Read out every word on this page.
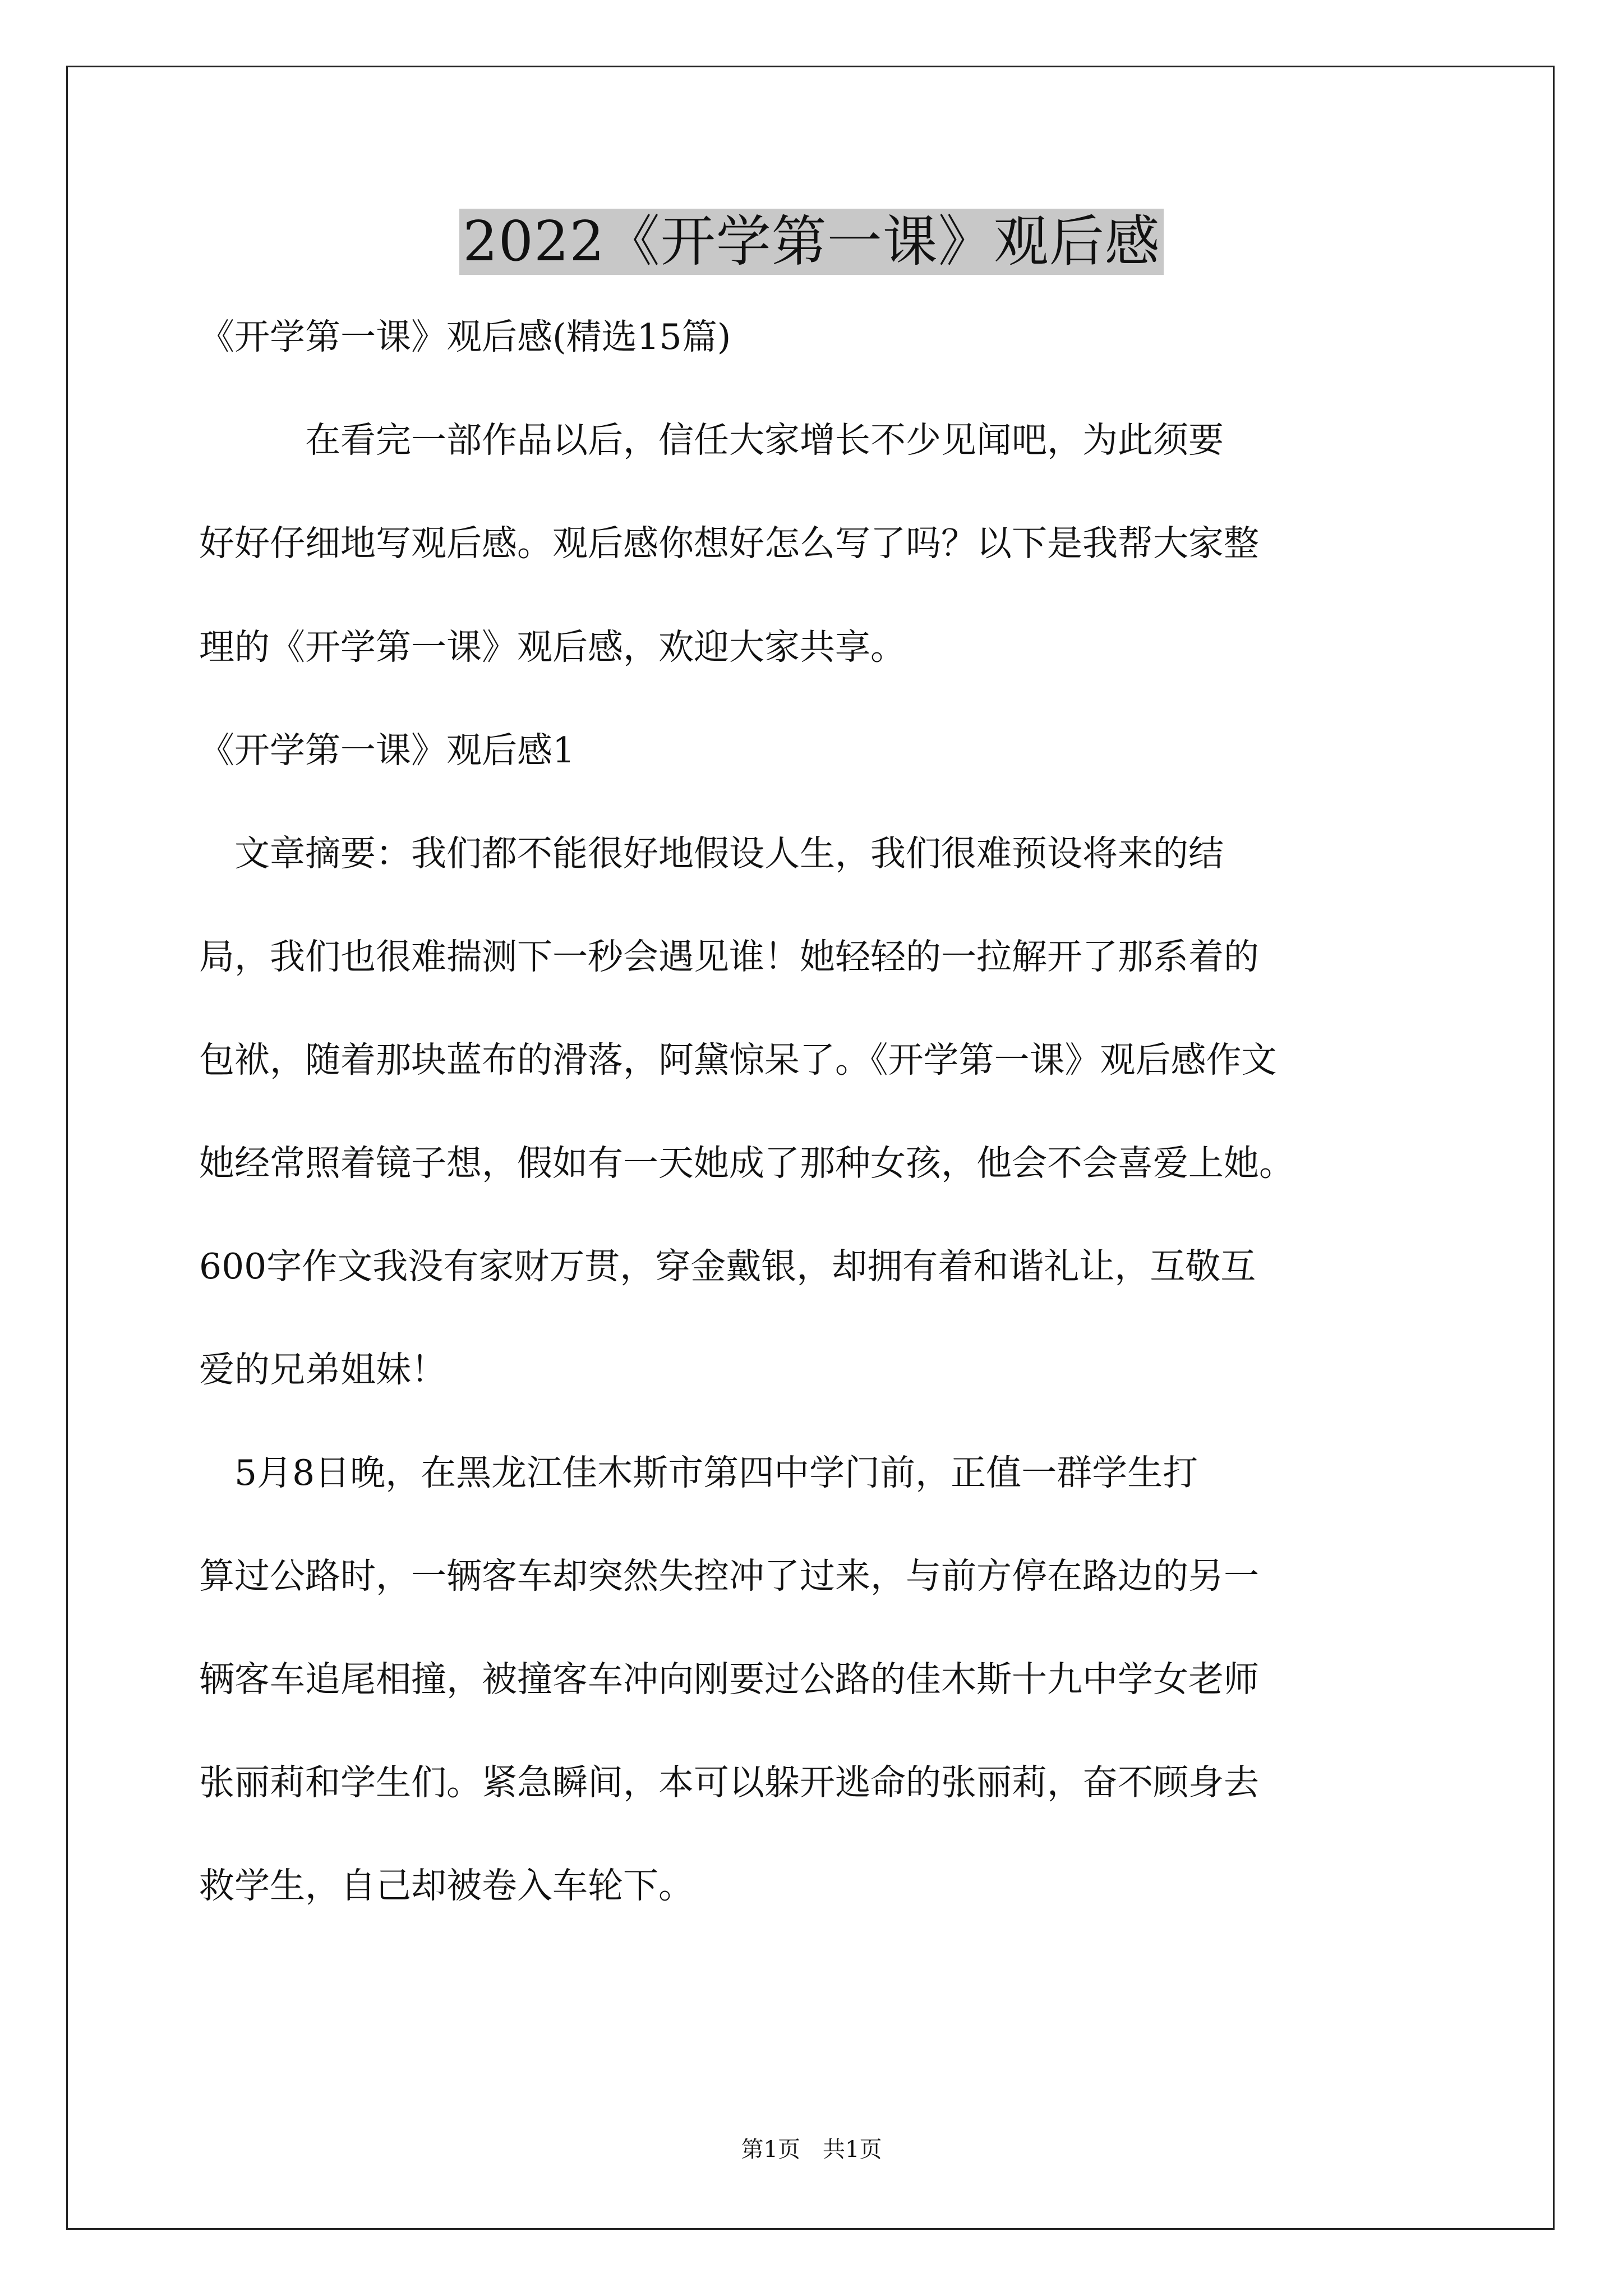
2022《开学第一课》观后感
《开学第一课》观后感(精选15篇)
　　　在看完一部作品以后，信任大家增长不少见闻吧，为此须要
好好仔细地写观后感。观后感你想好怎么写了吗？以下是我帮大家整
理的《开学第一课》观后感，欢迎大家共享。
《开学第一课》观后感1
　文章摘要：我们都不能很好地假设人生，我们很难预设将来的结
局，我们也很难揣测下一秒会遇见谁！她轻轻的一拉解开了那系着的
包袱，随着那块蓝布的滑落，阿黛惊呆了。《开学第一课》观后感作文
她经常照着镜子想，假如有一天她成了那种女孩，他会不会喜爱上她。
600字作文我没有家财万贯，穿金戴银，却拥有着和谐礼让，互敬互
爱的兄弟姐妹！
　5月8日晚，在黑龙江佳木斯市第四中学门前，正值一群学生打
算过公路时，一辆客车却突然失控冲了过来，与前方停在路边的另一
辆客车追尾相撞，被撞客车冲向刚要过公路的佳木斯十九中学女老师
张丽莉和学生们。紧急瞬间，本可以躲开逃命的张丽莉，奋不顾身去
救学生，自己却被卷入车轮下。
第1页　共1页
